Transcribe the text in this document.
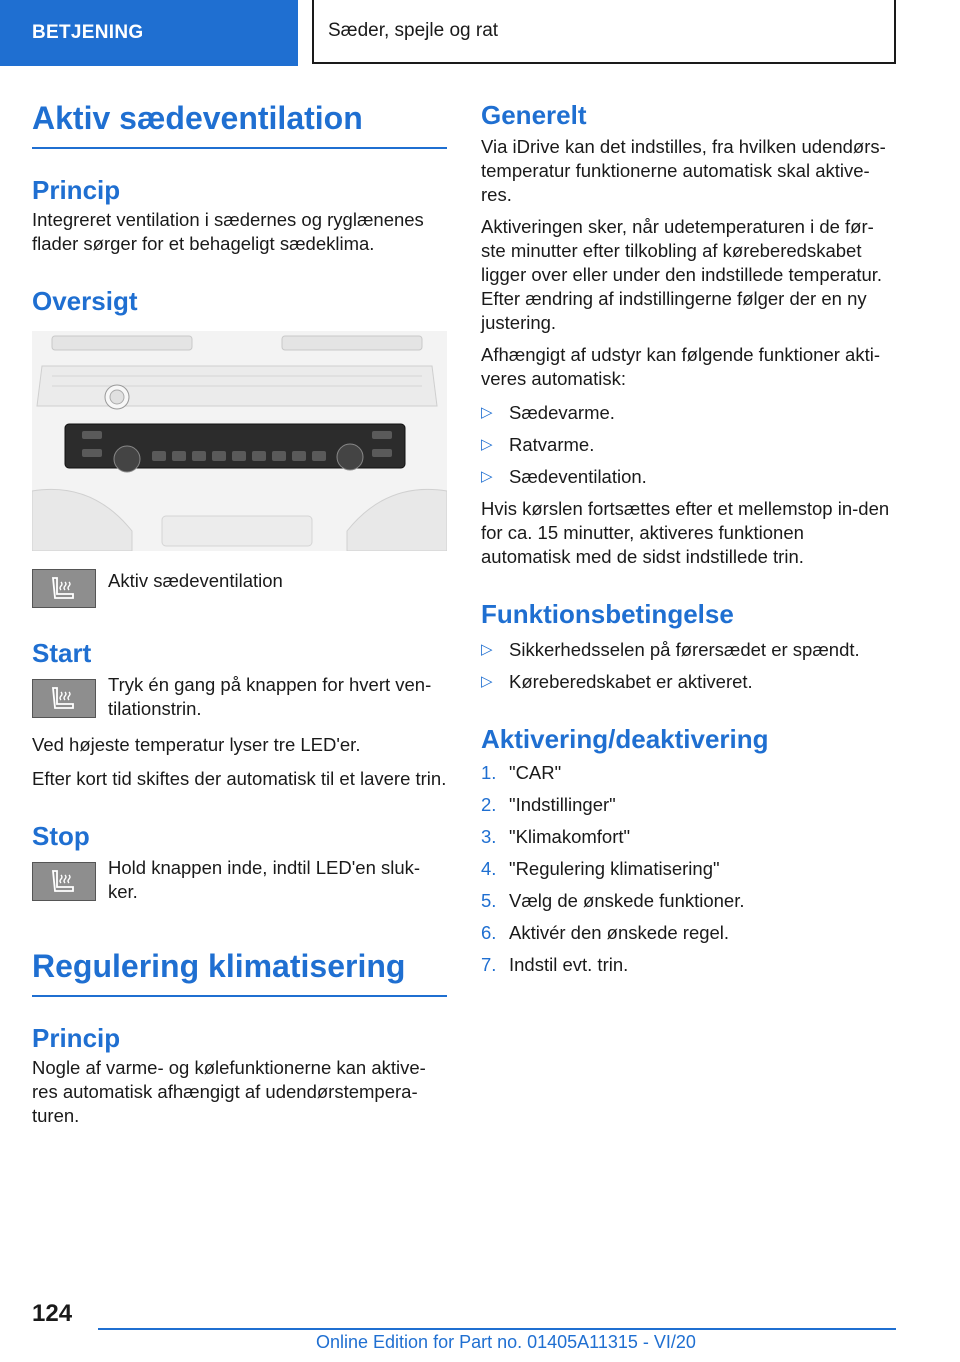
BETJENING	Sæder, spejle og rat
Aktiv sædeventilation
Princip

Integreret ventilation i sædernes og ryglænenes flader sørger for et behageligt sædeklima.

Oversigt

Aktiv sædeventilation

Start

Tryk én gang på knappen for hvert ven-tilationstrin.

Ved højeste temperatur lyser tre LED'er.

Efter kort tid skiftes der automatisk til et lavere trin.

Stop

Hold knappen inde, indtil LED'en sluk-ker.

Regulering klimatisering
Princip

Nogle af varme- og kølefunktionerne kan aktive-res automatisk afhængigt af udendørstempera-turen.

Generelt

Via iDrive kan det indstilles, fra hvilken udendørs-temperatur funktionerne automatisk skal aktive-res.

Aktiveringen sker, når udetemperaturen i de før-ste minutter efter tilkobling af køreberedskabet ligger over eller under den indstillede temperatur. Efter ændring af indstillingerne følger der en ny justering.

Afhængigt af udstyr kan følgende funktioner akti-veres automatisk:

▷ Sædevarme.
▷ Ratvarme.
▷ Sædeventilation.

Hvis kørslen fortsættes efter et mellemstop in-den for ca. 15 minutter, aktiveres funktionen automatisk med de sidst indstillede trin.

Funktionsbetingelse
▷ Sikkerhedsselen på førersædet er spændt.
▷ Køreberedskabet er aktiveret.
Aktivering/deaktivering
1. "CAR"
2. "Indstillinger"
3. "Klimakomfort"
4. "Regulering klimatisering"
5. Vælg de ønskede funktioner.
6. Aktivér den ønskede regel.
7. Indstil evt. trin.
124
Online Edition for Part no. 01405A11315 - VI/20
